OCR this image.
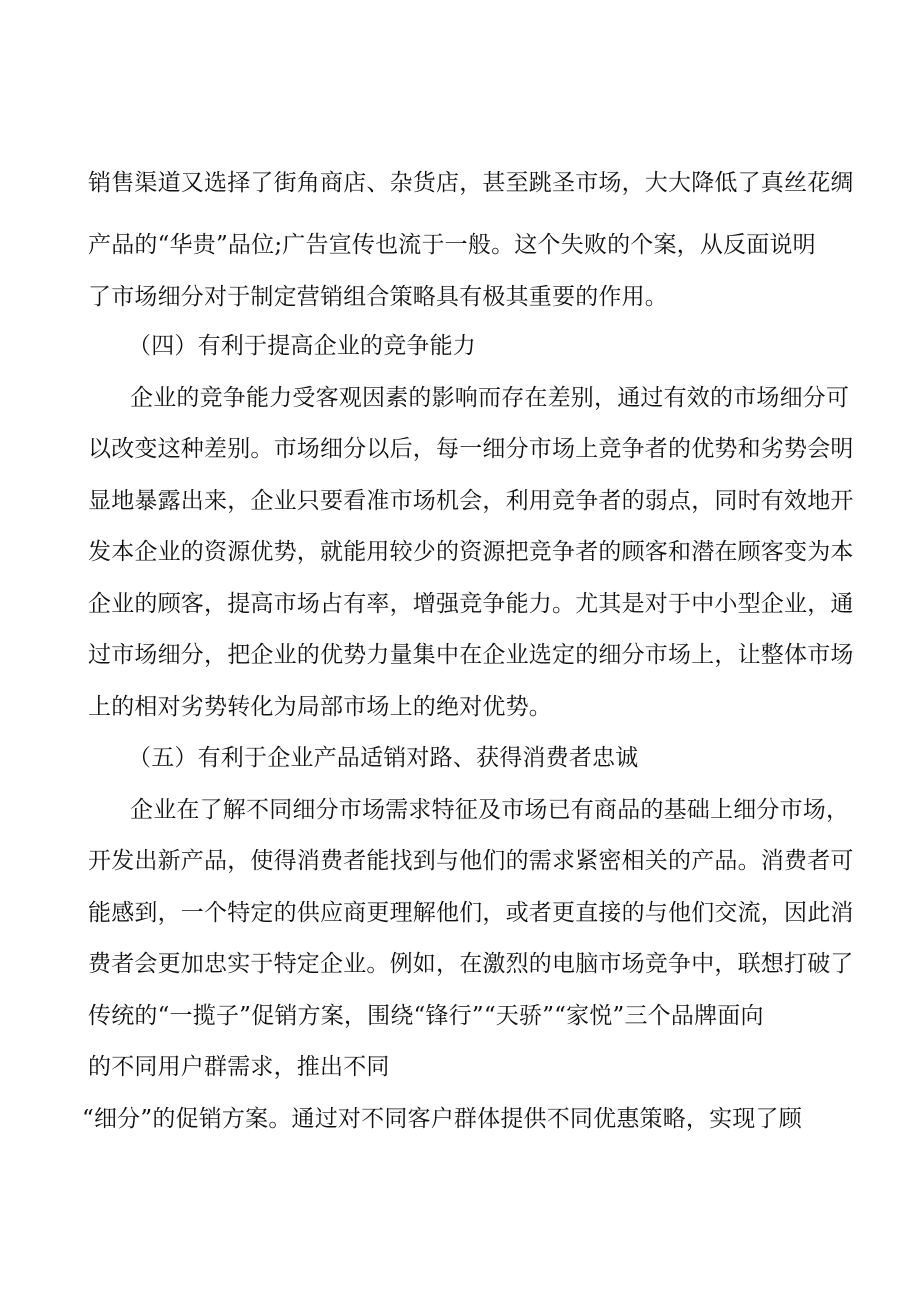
销售渠道又选择了街角商店、杂货店，甚至跳圣市场，大大降低了真丝花绸
产品的“华贵”品位;广告宣传也流于一般。这个失败的个案，从反面说明
了市场细分对于制定营销组合策略具有极其重要的作用。
（四）有利于提高企业的竞争能力
企业的竞争能力受客观因素的影响而存在差别，通过有效的市场细分可
以改变这种差别。市场细分以后，每一细分市场上竞争者的优势和劣势会明
显地暴露出来，企业只要看准市场机会，利用竞争者的弱点，同时有效地开
发本企业的资源优势，就能用较少的资源把竞争者的顾客和潜在顾客变为本
企业的顾客，提高市场占有率，增强竞争能力。尤其是对于中小型企业，通
过市场细分，把企业的优势力量集中在企业选定的细分市场上，让整体市场
上的相对劣势转化为局部市场上的绝对优势。
（五）有利于企业产品适销对路、获得消费者忠诚
企业在了解不同细分市场需求特征及市场已有商品的基础上细分市场，
开发出新产品，使得消费者能找到与他们的需求紧密相关的产品。消费者可
能感到，一个特定的供应商更理解他们，或者更直接的与他们交流，因此消
费者会更加忠实于特定企业。例如，在激烈的电脑市场竞争中，联想打破了
传统的“一揽子”促销方案，围绕“锋行”“天骄”“家悦”三个品牌面向
的不同用户群需求，推出不同
“细分”的促销方案。通过对不同客户群体提供不同优惠策略，实现了顾
